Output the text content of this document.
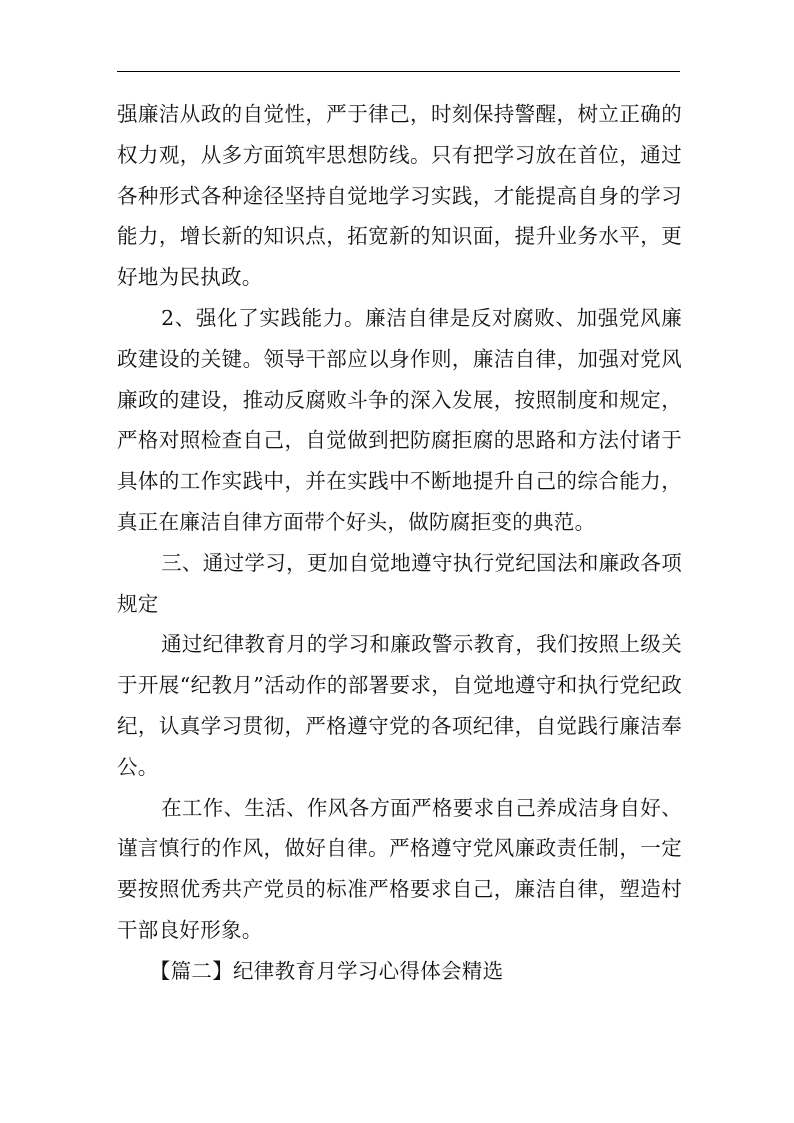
强廉洁从政的自觉性，严于律己，时刻保持警醒，树立正确的权力观，从多方面筑牢思想防线。只有把学习放在首位，通过各种形式各种途径坚持自觉地学习实践，才能提高自身的学习能力，增长新的知识点，拓宽新的知识面，提升业务水平，更好地为民执政。

2、强化了实践能力。廉洁自律是反对腐败、加强党风廉政建设的关键。领导干部应以身作则，廉洁自律，加强对党风廉政的建设，推动反腐败斗争的深入发展，按照制度和规定，严格对照检查自己，自觉做到把防腐拒腐的思路和方法付诸于具体的工作实践中，并在实践中不断地提升自己的综合能力，真正在廉洁自律方面带个好头，做防腐拒变的典范。

三、通过学习，更加自觉地遵守执行党纪国法和廉政各项规定

通过纪律教育月的学习和廉政警示教育，我们按照上级关于开展“纪教月”活动作的部署要求，自觉地遵守和执行党纪政纪，认真学习贯彻，严格遵守党的各项纪律，自觉践行廉洁奉公。

在工作、生活、作风各方面严格要求自己养成洁身自好、谨言慎行的作风，做好自律。严格遵守党风廉政责任制，一定要按照优秀共产党员的标准严格要求自己，廉洁自律，塑造村干部良好形象。

【篇二】纪律教育月学习心得体会精选
